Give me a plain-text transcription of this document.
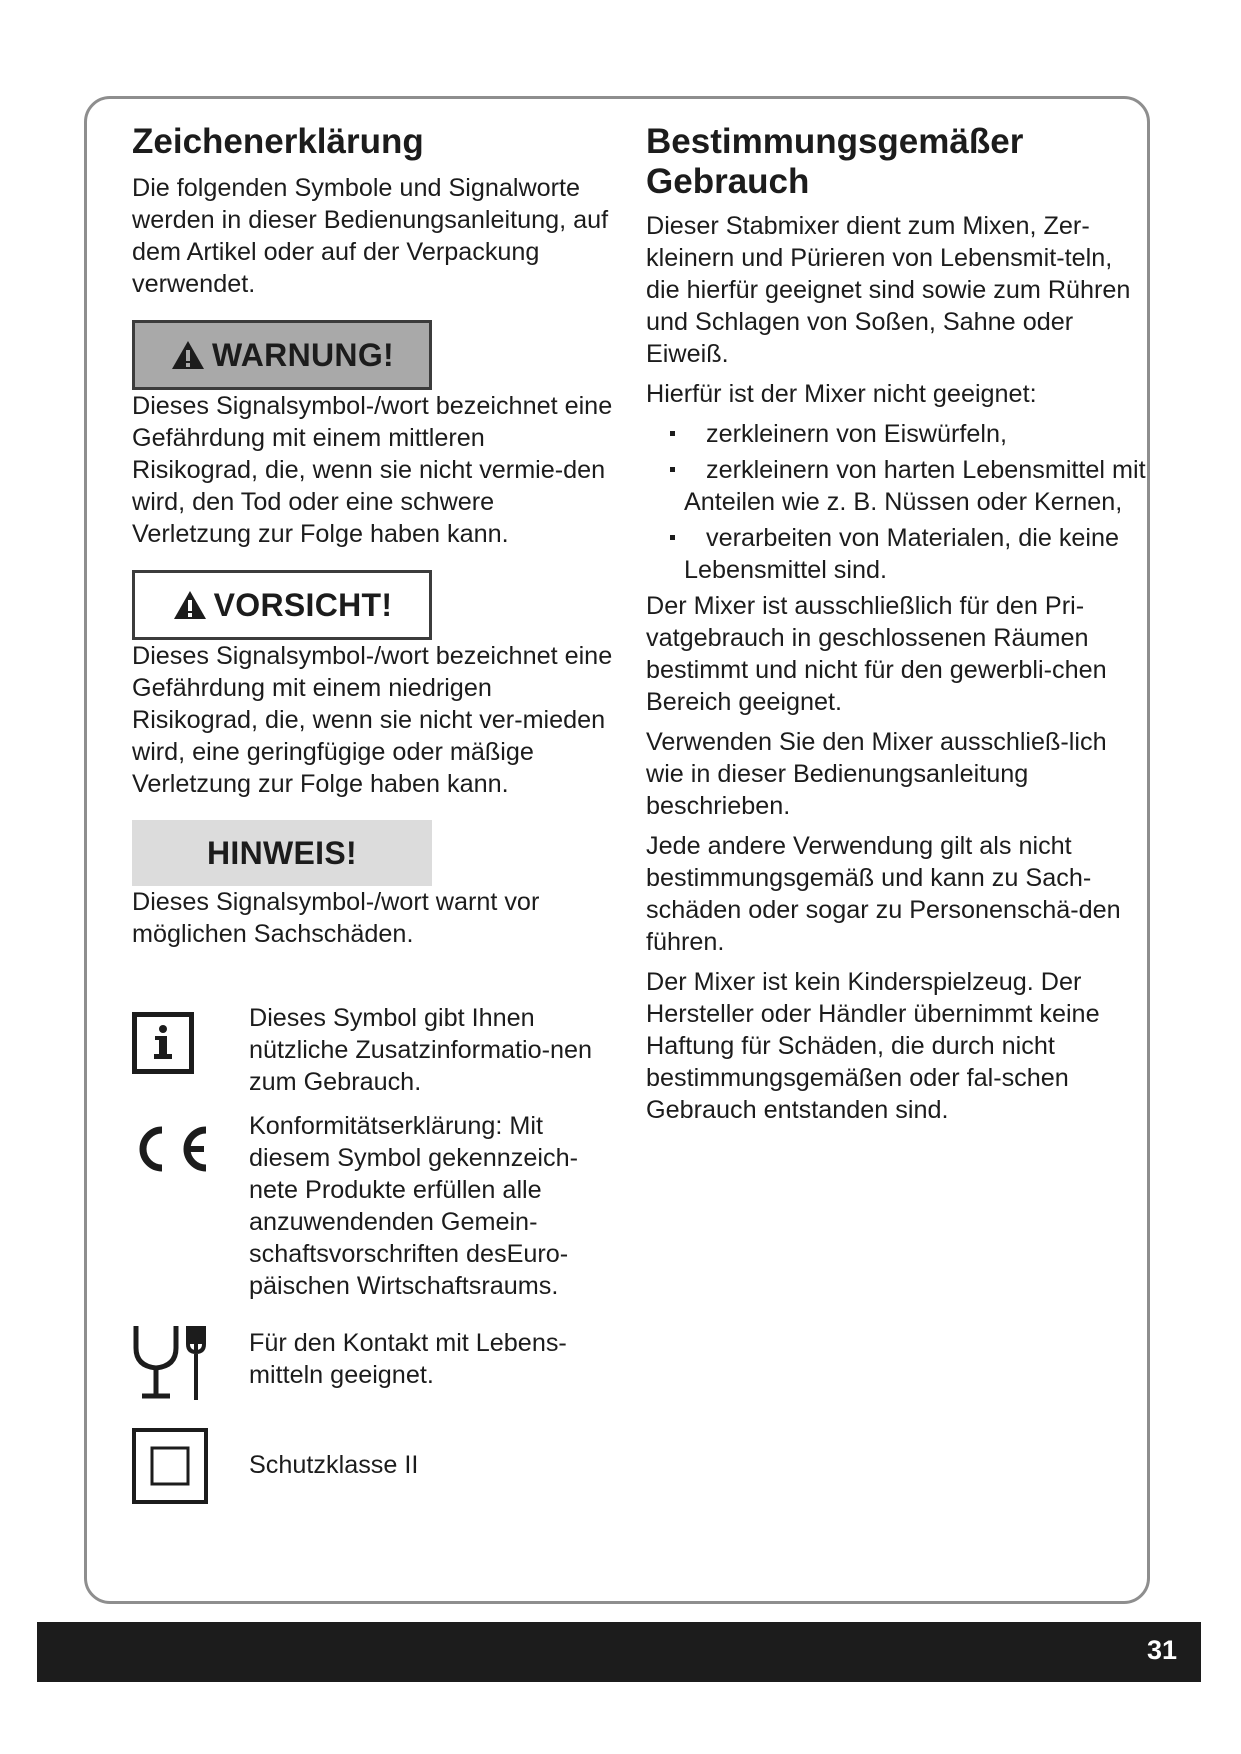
Zeichenerklärung

Die folgenden Symbole und Signalworte werden in dieser Bedienungsanleitung, auf dem Artikel oder auf der Verpackung verwendet.

WARNUNG!

Dieses Signalsymbol-/wort bezeichnet eine Gefährdung mit einem mittleren Risikograd, die, wenn sie nicht vermie-den wird, den Tod oder eine schwere Verletzung zur Folge haben kann.

VORSICHT!

Dieses Signalsymbol-/wort bezeichnet eine Gefährdung mit einem niedrigen Risikograd, die, wenn sie nicht ver-mieden wird, eine geringfügige oder mäßige Verletzung zur Folge haben kann.

HINWEIS!

Dieses Signalsymbol-/wort warnt vor möglichen Sachschäden.

Dieses Symbol gibt Ihnen nützliche Zusatzinformatio-nen zum Gebrauch.
Konformitätserklärung: Mit diesem Symbol gekennzeich-nete Produkte erfüllen alle anzuwendenden Gemein-schaftsvorschriften desEuro-päischen Wirtschaftsraums.
Für den Kontakt mit Lebens-mitteln geeignet.
Schutzklasse II
Bestimmungsgemäßer Gebrauch

Dieser Stabmixer dient zum Mixen, Zer-kleinern und Pürieren von Lebensmit-teln, die hierfür geeignet sind sowie zum Rühren und Schlagen von Soßen, Sahne oder Eiweiß.

Hierfür ist der Mixer nicht geeignet:

zerkleinern von Eiswürfeln,
zerkleinern von harten Lebensmittel mit Anteilen wie z. B. Nüssen oder Kernen,
verarbeiten von Materialen, die keine Lebensmittel sind.

Der Mixer ist ausschließlich für den Pri-vatgebrauch in geschlossenen Räumen bestimmt und nicht für den gewerbli-chen Bereich geeignet.

Verwenden Sie den Mixer ausschließ-lich wie in dieser Bedienungsanleitung beschrieben.

Jede andere Verwendung gilt als nicht bestimmungsgemäß und kann zu Sach-schäden oder sogar zu Personenschä-den führen.

Der Mixer ist kein Kinderspielzeug. Der Hersteller oder Händler übernimmt keine Haftung für Schäden, die durch nicht bestimmungsgemäßen oder fal-schen Gebrauch entstanden sind.

31
